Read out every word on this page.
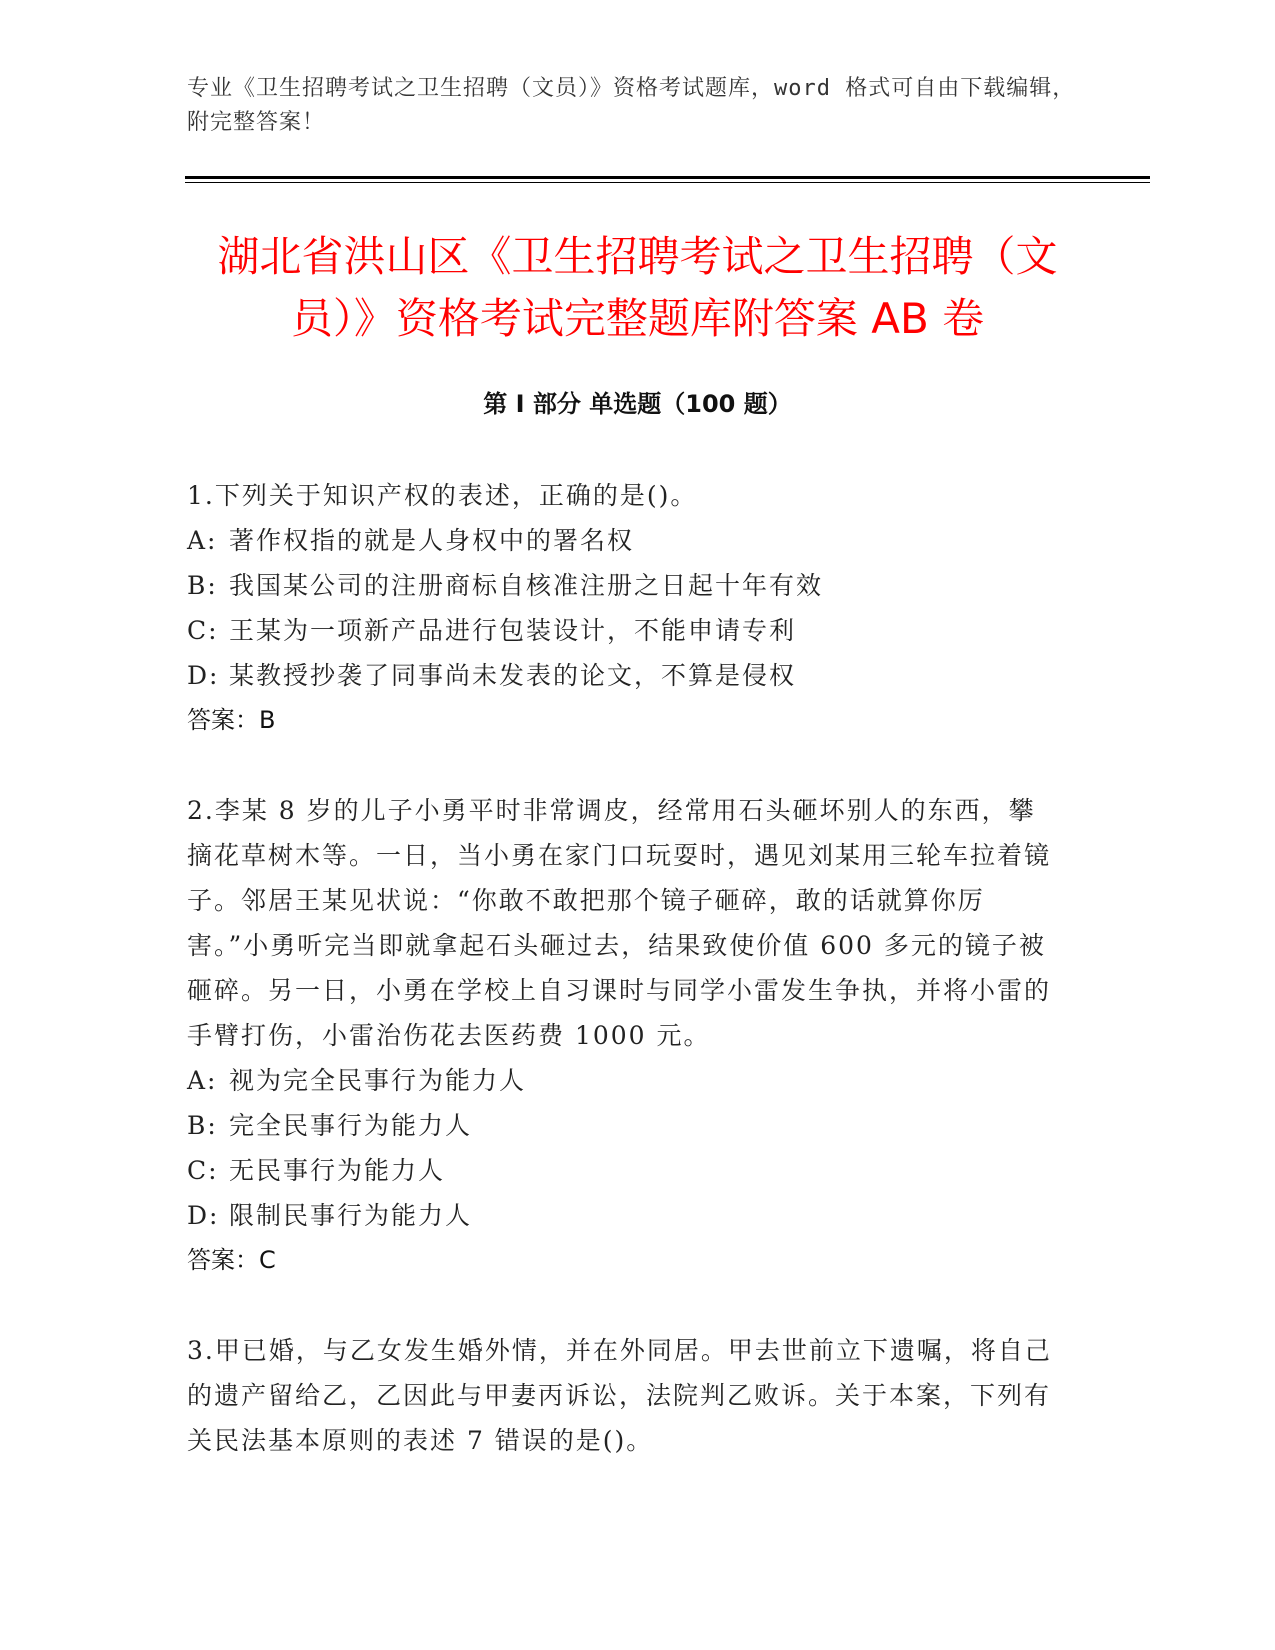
专业《卫生招聘考试之卫生招聘（文员）》资格考试题库，word 格式可自由下载编辑，附完整答案！
湖北省洪山区《卫生招聘考试之卫生招聘（文员）》资格考试完整题库附答案 AB 卷
第 I 部分 单选题（100 题）

1.下列关于知识产权的表述，正确的是()。

A: 著作权指的就是人身权中的署名权
B: 我国某公司的注册商标自核准注册之日起十年有效
C: 王某为一项新产品进行包装设计，不能申请专利
D: 某教授抄袭了同事尚未发表的论文，不算是侵权
答案：B

2.李某 8 岁的儿子小勇平时非常调皮，经常用石头砸坏别人的东西，攀摘花草树木等。一日，当小勇在家门口玩耍时，遇见刘某用三轮车拉着镜子。邻居王某见状说：“你敢不敢把那个镜子砸碎，敢的话就算你厉害。”小勇听完当即就拿起石头砸过去，结果致使价值 600 多元的镜子被砸碎。另一日，小勇在学校上自习课时与同学小雷发生争执，并将小雷的手臂打伤，小雷治伤花去医药费 1000 元。

A: 视为完全民事行为能力人
B: 完全民事行为能力人
C: 无民事行为能力人
D: 限制民事行为能力人
答案：C

3.甲已婚，与乙女发生婚外情，并在外同居。甲去世前立下遗嘱，将自己的遗产留给乙，乙因此与甲妻丙诉讼，法院判乙败诉。关于本案，下列有关民法基本原则的表述 7 错误的是()。
